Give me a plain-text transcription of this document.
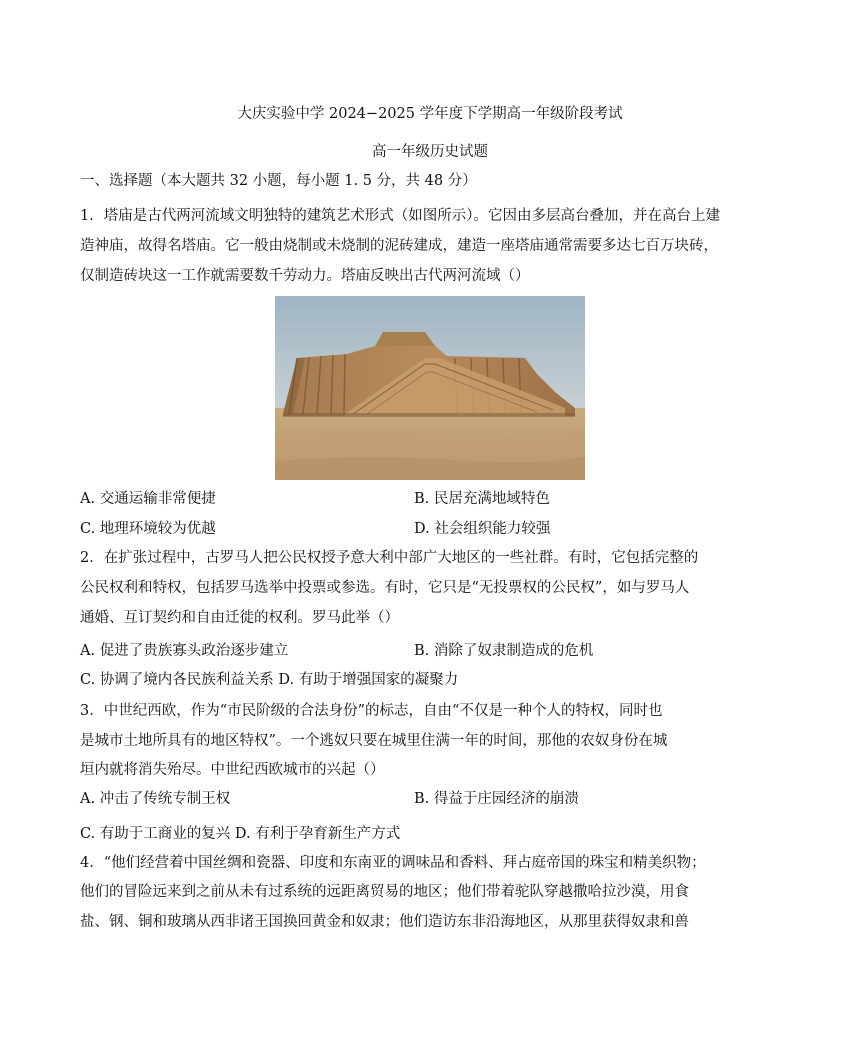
大庆实验中学 2024−2025 学年度下学期高一年级阶段考试
高一年级历史试题
一、选择题（本大题共 32 小题，每小题 1. 5 分，共 48 分）
1．塔庙是古代两河流域文明独特的建筑艺术形式（如图所示）。它因由多层高台叠加，并在高台上建
造神庙，故得名塔庙。它一般由烧制或未烧制的泥砖建成，建造一座塔庙通常需要多达七百万块砖，
仅制造砖块这一工作就需要数千劳动力。塔庙反映出古代两河流域（）
A. 交通运输非常便捷	B. 民居充满地域特色
C. 地理环境较为优越	D. 社会组织能力较强
2．在扩张过程中，古罗马人把公民权授予意大利中部广大地区的一些社群。有时，它包括完整的
公民权利和特权，包括罗马选举中投票或参选。有时，它只是“无投票权的公民权”，如与罗马人
通婚、互订契约和自由迁徙的权利。罗马此举（）
A. 促进了贵族寡头政治逐步建立	B. 消除了奴隶制造成的危机
C. 协调了境内各民族利益关系 D. 有助于增强国家的凝聚力
3．中世纪西欧，作为“市民阶级的合法身份”的标志，自由“不仅是一种个人的特权，同时也
是城市土地所具有的地区特权”。一个逃奴只要在城里住满一年的时间，那他的农奴身份在城
垣内就将消失殆尽。中世纪西欧城市的兴起（）
A. 冲击了传统专制王权	B. 得益于庄园经济的崩溃
C. 有助于工商业的复兴 D. 有利于孕育新生产方式
4．“他们经营着中国丝绸和瓷器、印度和东南亚的调味品和香料、拜占庭帝国的珠宝和精美织物；
他们的冒险远来到之前从未有过系统的远距离贸易的地区；他们带着驼队穿越撒哈拉沙漠，用食
盐、钢、铜和玻璃从西非诸王国换回黄金和奴隶；他们造访东非沿海地区，从那里获得奴隶和兽
